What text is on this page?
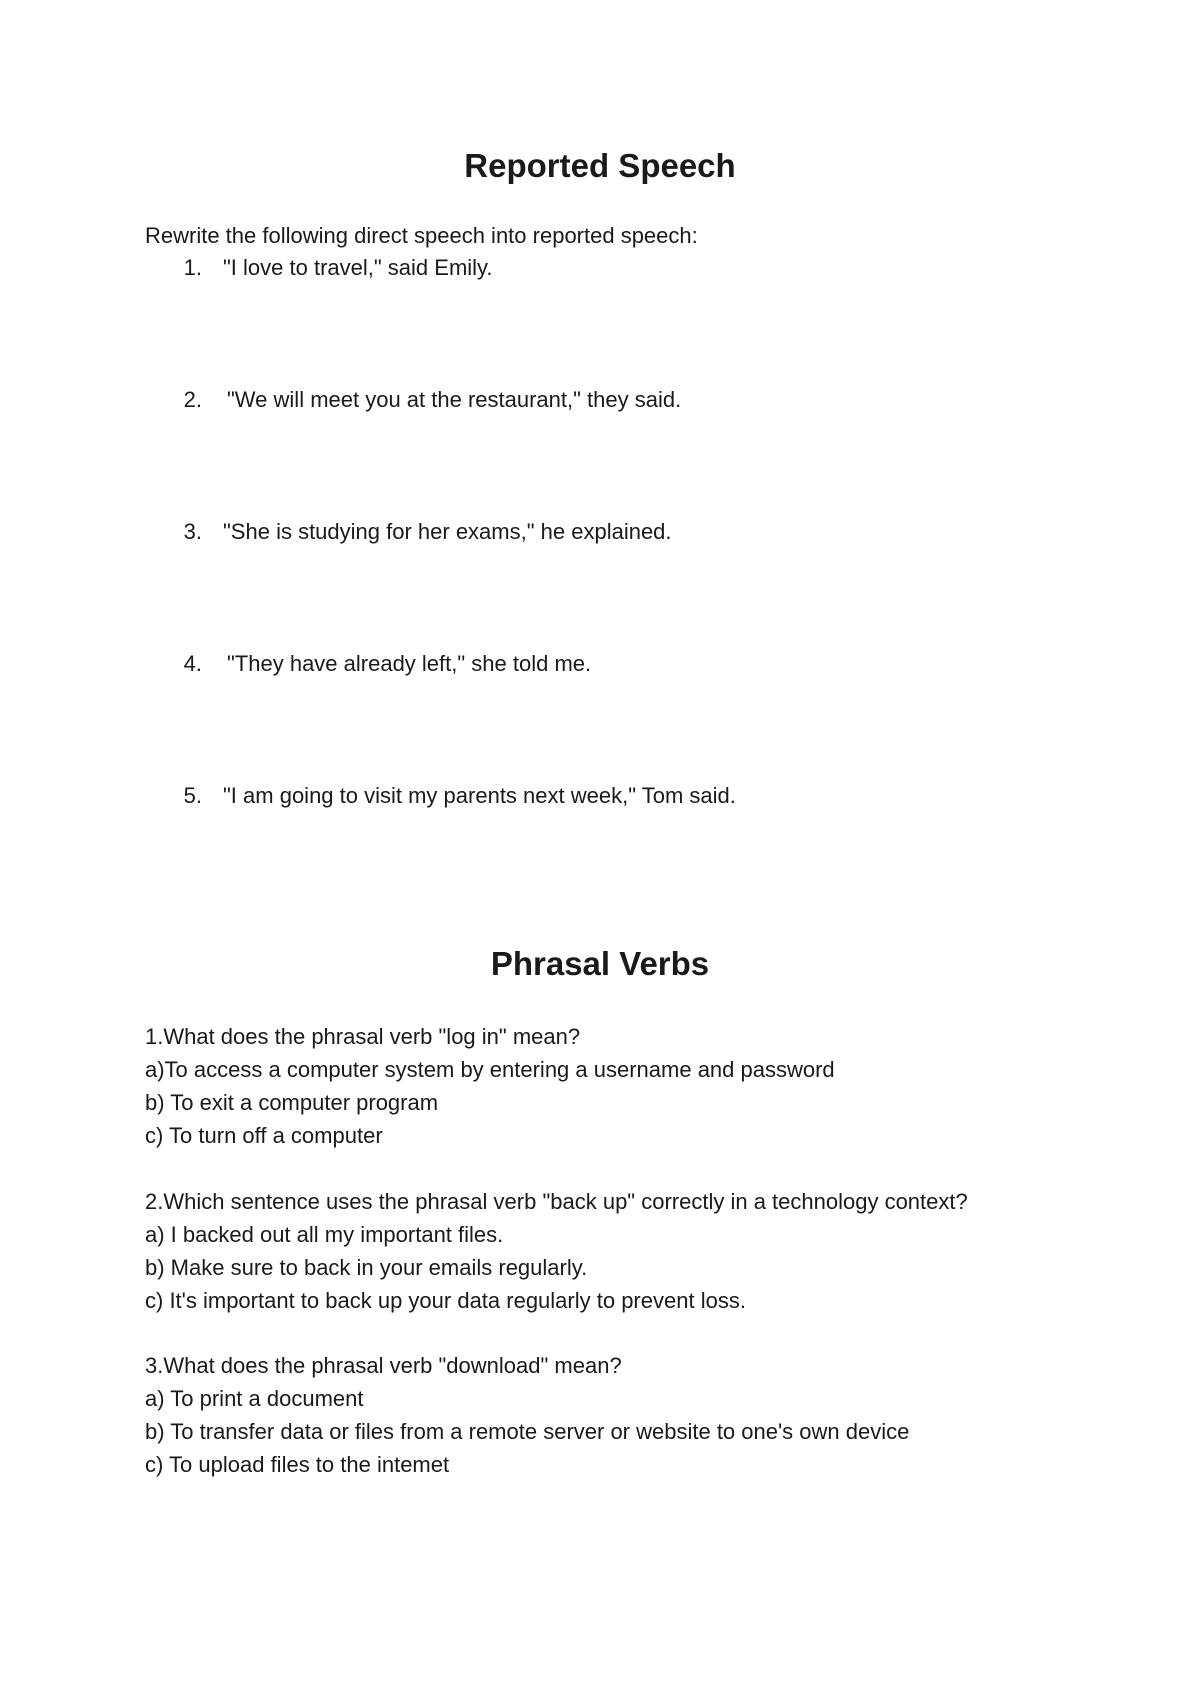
Reported Speech
Rewrite the following direct speech into reported speech:
1. "I love to travel," said Emily.
2. "We will meet you at the restaurant," they said.
3. "She is studying for her exams," he explained.
4. "They have already left," she told me.
5. "I am going to visit my parents next week," Tom said.
Phrasal Verbs
1.What does the phrasal verb "log in" mean?
a)To access a computer system by entering a username and password
b) To exit a computer program
c) To turn off a computer
2.Which sentence uses the phrasal verb "back up" correctly in a technology context?
a) I backed out all my important files.
b) Make sure to back in your emails regularly.
c) It's important to back up your data regularly to prevent loss.
3.What does the phrasal verb "download" mean?
a) To print a document
b) To transfer data or files from a remote server or website to one's own device
c) To upload files to the intemet
